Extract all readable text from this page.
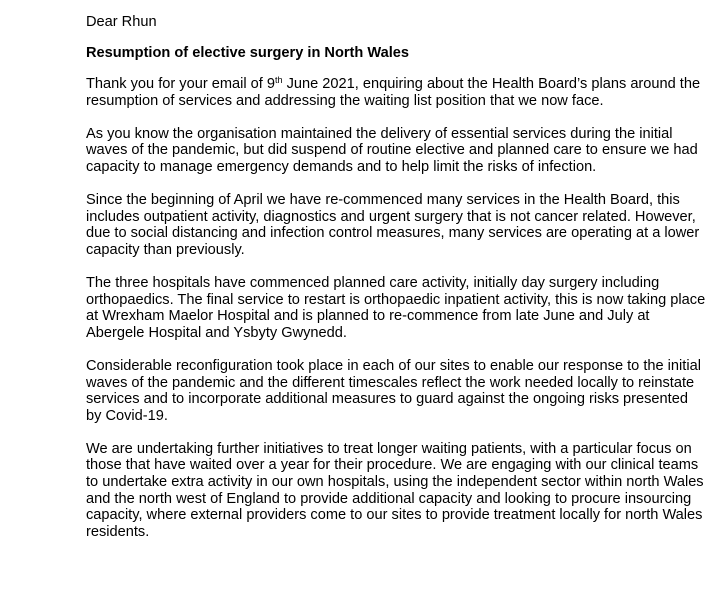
Dear Rhun

Resumption of elective surgery in North Wales

Thank you for your email of 9th June 2021, enquiring about the Health Board’s plans around the resumption of services and addressing the waiting list position that we now face.

As you know the organisation maintained the delivery of essential services during the initial waves of the pandemic, but did suspend of routine elective and planned care to ensure we had capacity to manage emergency demands and to help limit the risks of infection.

Since the beginning of April we have re-commenced many services in the Health Board, this includes outpatient activity, diagnostics and urgent surgery that is not cancer related. However, due to social distancing and infection control measures, many services are operating at a lower capacity than previously.

The three hospitals have commenced planned care activity, initially day surgery including orthopaedics. The final service to restart is orthopaedic inpatient activity, this is now taking place at Wrexham Maelor Hospital and is planned to re-commence from late June and July at Abergele Hospital and Ysbyty Gwynedd.

Considerable reconfiguration took place in each of our sites to enable our response to the initial waves of the pandemic and the different timescales reflect the work needed locally to reinstate services and to incorporate additional measures to guard against the ongoing risks presented by Covid-19.

We are undertaking further initiatives to treat longer waiting patients, with a particular focus on those that have waited over a year for their procedure. We are engaging with our clinical teams to undertake extra activity in our own hospitals, using the independent sector within north Wales and the north west of England to provide additional capacity and looking to procure insourcing capacity, where external providers come to our sites to provide treatment locally for north Wales residents.
